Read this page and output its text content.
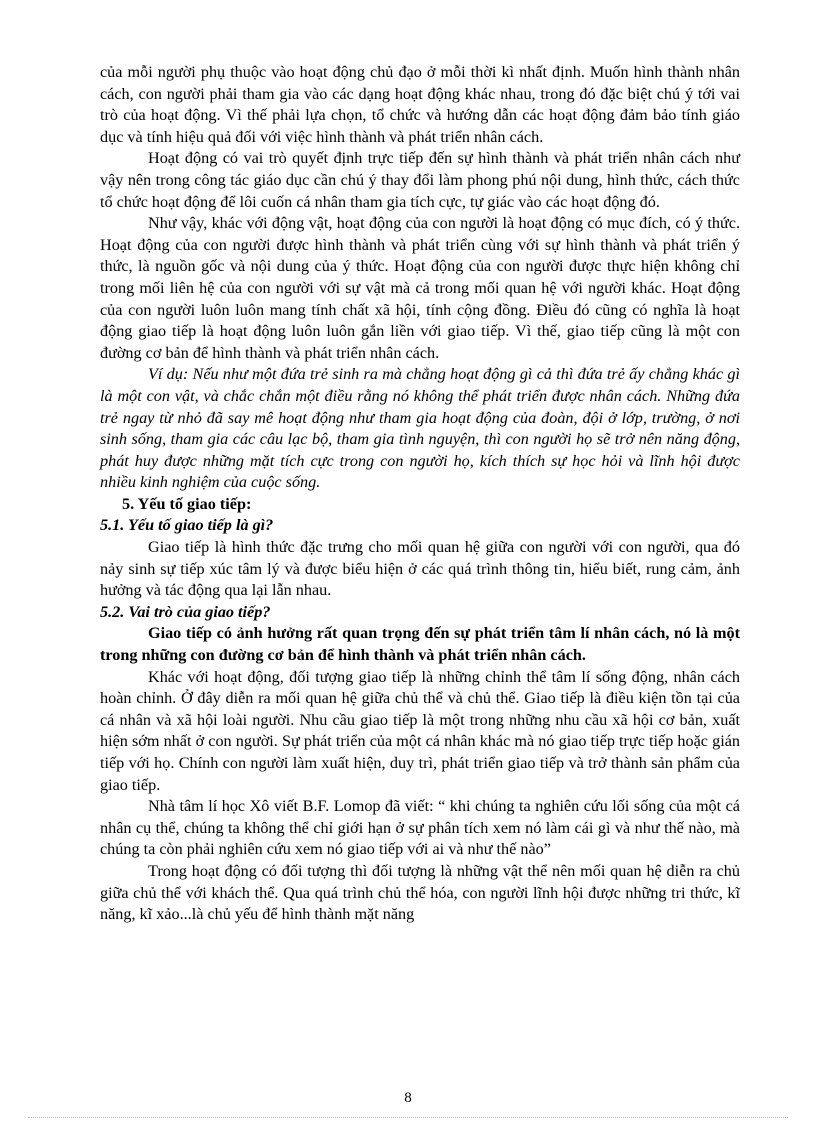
của mỗi người phụ thuộc vào hoạt động chủ đạo ở mỗi thời kì nhất định. Muốn hình thành nhân cách, con người phải tham gia vào các dạng hoạt động khác nhau, trong đó đặc biệt chú ý tới vai trò của hoạt động. Vì thế phải lựa chọn, tổ chức và hướng dẫn các hoạt động đảm bảo tính giáo dục và tính hiệu quả đối với việc hình thành và phát triển nhân cách.

Hoạt động có vai trò quyết định trực tiếp đến sự hình thành và phát triển nhân cách như vậy nên trong công tác giáo dục cần chú ý thay đổi làm phong phú nội dung, hình thức, cách thức tổ chức hoạt động để lôi cuốn cá nhân tham gia tích cực, tự giác vào các hoạt động đó.

Như vậy, khác với động vật, hoạt động của con người là hoạt động có mục đích, có ý thức. Hoạt động của con người được hình thành và phát triển cùng với sự hình thành và phát triển ý thức, là nguồn gốc và nội dung của ý thức. Hoạt động của con người được thực hiện không chỉ trong mối liên hệ của con người với sự vật mà cả trong mối quan hệ với người khác. Hoạt động của con người luôn luôn mang tính chất xã hội, tính cộng đồng. Điều đó cũng có nghĩa là hoạt động giao tiếp là hoạt động luôn luôn gắn liền với giao tiếp. Vì thế, giao tiếp cũng là một con đường cơ bản để hình thành và phát triển nhân cách.

Ví dụ: Nếu như một đứa trẻ sinh ra mà chẳng hoạt động gì cả thì đứa trẻ ấy chẳng khác gì là một con vật, và chắc chắn một điều rằng nó không thể phát triển được nhân cách. Những đứa trẻ ngay từ nhỏ đã say mê hoạt động như tham gia hoạt động của đoàn, đội ở lớp, trường, ở nơi sinh sống, tham gia các câu lạc bộ, tham gia tình nguyện, thì con người họ sẽ trở nên năng động, phát huy được những mặt tích cực trong con người họ, kích thích sự học hỏi và lĩnh hội được nhiều kinh nghiệm của cuộc sống.

5. Yếu tố giao tiếp:

5.1. Yếu tố giao tiếp là gì?

Giao tiếp là hình thức đặc trưng cho mối quan hệ giữa con người với con người, qua đó nảy sinh sự tiếp xúc tâm lý và được biểu hiện ở các quá trình thông tin, hiểu biết, rung cảm, ảnh hưởng và tác động qua lại lẫn nhau.

5.2. Vai trò của giao tiếp?

Giao tiếp có ảnh hưởng rất quan trọng đến sự phát triển tâm lí nhân cách, nó là một trong những con đường cơ bản để hình thành và phát triển nhân cách.

Khác với hoạt động, đối tượng giao tiếp là những chỉnh thể tâm lí sống động, nhân cách hoàn chỉnh. Ở đây diễn ra mối quan hệ giữa chủ thể và chủ thể. Giao tiếp là điều kiện tồn tại của cá nhân và xã hội loài người. Nhu cầu giao tiếp là một trong những nhu cầu xã hội cơ bản, xuất hiện sớm nhất ở con người. Sự phát triển của một cá nhân khác mà nó giao tiếp trực tiếp hoặc gián tiếp với họ. Chính con người làm xuất hiện, duy trì, phát triển giao tiếp và trở thành sản phẩm của giao tiếp.

Nhà tâm lí học Xô viết B.F. Lomop đã viết: “ khi chúng ta nghiên cứu lối sống của một cá nhân cụ thể, chúng ta không thể chỉ giới hạn ở sự phân tích xem nó làm cái gì và như thế nào, mà chúng ta còn phải nghiên cứu xem nó giao tiếp với ai và như thế nào”

Trong hoạt động có đối tượng thì đối tượng là những vật thể nên mối quan hệ diễn ra chủ giữa chủ thể với khách thể. Qua quá trình chủ thể hóa, con người lĩnh hội được những tri thức, kĩ năng, kĩ xảo...là chủ yếu để hình thành mặt năng

8
